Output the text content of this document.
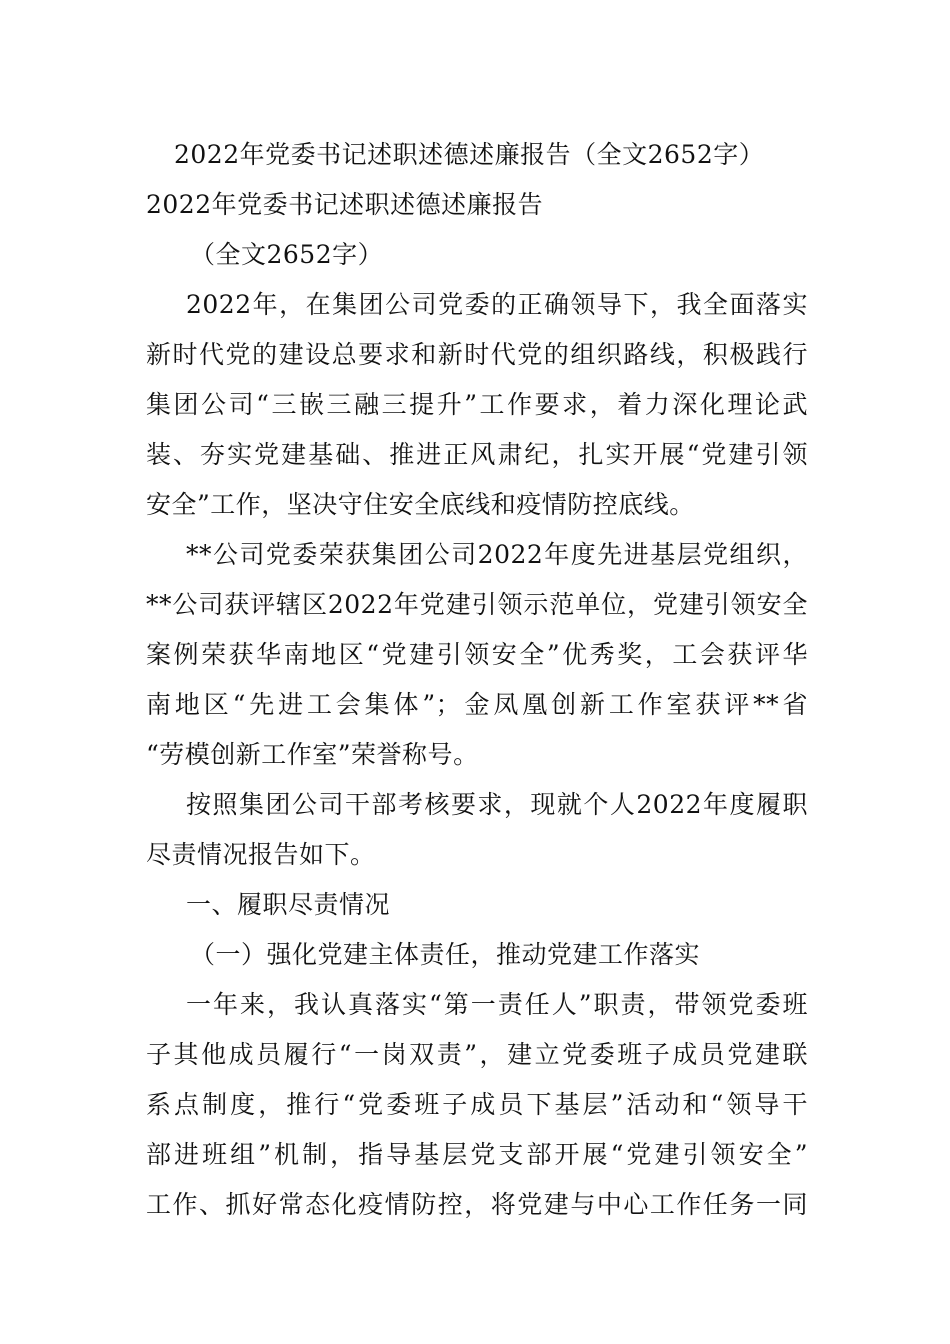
2022年党委书记述职述德述廉报告（全文2652字）
2022年党委书记述职述德述廉报告
（全文2652字）
2022年，在集团公司党委的正确领导下，我全面落实
新时代党的建设总要求和新时代党的组织路线，积极践行
集团公司“三嵌三融三提升”工作要求，着力深化理论武
装、夯实党建基础、推进正风肃纪，扎实开展“党建引领
安全”工作，坚决守住安全底线和疫情防控底线。
**公司党委荣获集团公司2022年度先进基层党组织，
**公司获评辖区2022年党建引领示范单位，党建引领安全
案例荣获华南地区“党建引领安全”优秀奖，工会获评华
南地区“先进工会集体”；金凤凰创新工作室获评**省
“劳模创新工作室”荣誉称号。
按照集团公司干部考核要求，现就个人2022年度履职
尽责情况报告如下。
一、履职尽责情况
（一）强化党建主体责任，推动党建工作落实
一年来，我认真落实“第一责任人”职责，带领党委班
子其他成员履行“一岗双责”，建立党委班子成员党建联
系点制度，推行“党委班子成员下基层”活动和“领导干
部进班组”机制，指导基层党支部开展“党建引领安全”
工作、抓好常态化疫情防控，将党建与中心工作任务一同
